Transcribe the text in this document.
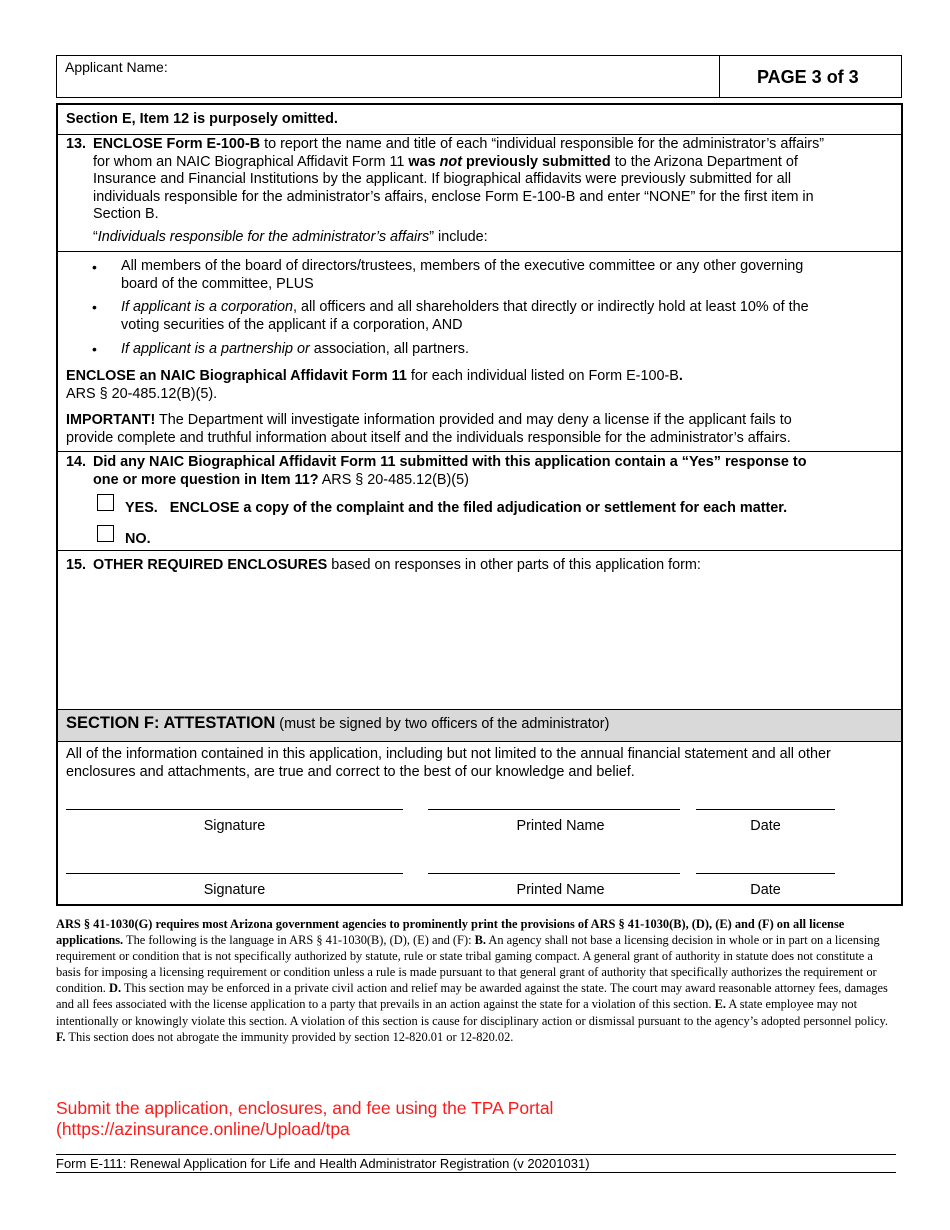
Applicant Name:	PAGE 3 of 3
Section E, Item 12 is purposely omitted.
13. ENCLOSE Form E-100-B to report the name and title of each “individual responsible for the administrator’s affairs”
for whom an NAIC Biographical Affidavit Form 11 was not previously submitted to the Arizona Department of
Insurance and Financial Institutions by the applicant. If biographical affidavits were previously submitted for all
individuals responsible for the administrator’s affairs, enclose Form E-100-B and enter “NONE” for the first item in
Section B.
“Individuals responsible for the administrator’s affairs” include:
• All members of the board of directors/trustees, members of the executive committee or any other governing
board of the committee, PLUS
• If applicant is a corporation, all officers and all shareholders that directly or indirectly hold at least 10% of the
voting securities of the applicant if a corporation, AND
• If applicant is a partnership or association, all partners.
ENCLOSE an NAIC Biographical Affidavit Form 11 for each individual listed on Form E-100-B.
ARS § 20-485.12(B)(5).
IMPORTANT! The Department will investigate information provided and may deny a license if the applicant fails to
provide complete and truthful information about itself and the individuals responsible for the administrator’s affairs.
14. Did any NAIC Biographical Affidavit Form 11 submitted with this application contain a “Yes” response to
one or more question in Item 11? ARS § 20-485.12(B)(5)
YES.   ENCLOSE a copy of the complaint and the filed adjudication or settlement for each matter.
NO.
15. OTHER REQUIRED ENCLOSURES based on responses in other parts of this application form:
SECTION F: ATTESTATION (must be signed by two officers of the administrator)
All of the information contained in this application, including but not limited to the annual financial statement and all other
enclosures and attachments, are true and correct to the best of our knowledge and belief.
Signature	Printed Name	Date
Signature	Printed Name	Date
ARS § 41-1030(G) requires most Arizona government agencies to prominently print the provisions of ARS § 41-1030(B), (D), (E) and (F) on all license applications. The following is the language in ARS § 41-1030(B), (D), (E) and (F): B. An agency shall not base a licensing decision in whole or in part on a licensing requirement or condition that is not specifically authorized by statute, rule or state tribal gaming compact. A general grant of authority in statute does not constitute a basis for imposing a licensing requirement or condition unless a rule is made pursuant to that general grant of authority that specifically authorizes the requirement or condition. D. This section may be enforced in a private civil action and relief may be awarded against the state. The court may award reasonable attorney fees, damages and all fees associated with the license application to a party that prevails in an action against the state for a violation of this section. E. A state employee may not intentionally or knowingly violate this section. A violation of this section is cause for disciplinary action or dismissal pursuant to the agency’s adopted personnel policy. F. This section does not abrogate the immunity provided by section 12-820.01 or 12-820.02.
Submit the application, enclosures, and fee using the TPA Portal
(https://azinsurance.online/Upload/tpa
Form E-111: Renewal Application for Life and Health Administrator Registration (v 20201031)
